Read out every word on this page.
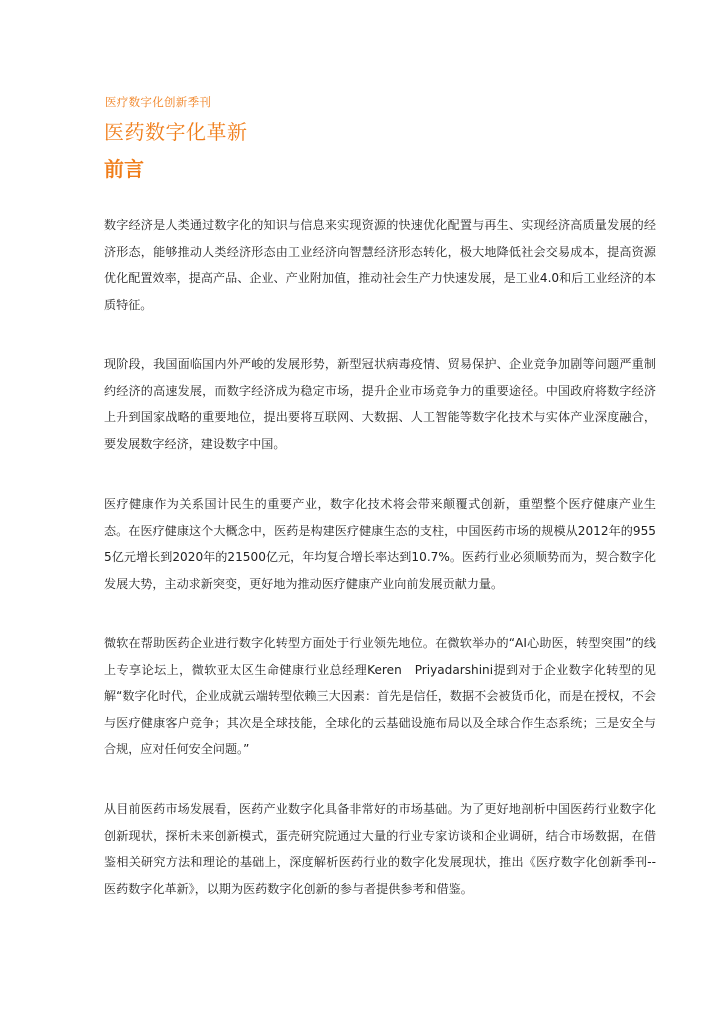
医疗数字化创新季刊
医药数字化革新
前言

数字经济是人类通过数字化的知识与信息来实现资源的快速优化配置与再生、实现经济高质量发展的经济形态，能够推动人类经济形态由工业经济向智慧经济形态转化，极大地降低社会交易成本，提高资源优化配置效率，提高产品、企业、产业附加值，推动社会生产力快速发展，是工业4.0和后工业经济的本质特征。

现阶段，我国面临国内外严峻的发展形势，新型冠状病毒疫情、贸易保护、企业竞争加剧等问题严重制约经济的高速发展，而数字经济成为稳定市场，提升企业市场竞争力的重要途径。中国政府将数字经济上升到国家战略的重要地位，提出要将互联网、大数据、人工智能等数字化技术与实体产业深度融合，要发展数字经济，建设数字中国。

医疗健康作为关系国计民生的重要产业，数字化技术将会带来颠覆式创新，重塑整个医疗健康产业生态。在医疗健康这个大概念中，医药是构建医疗健康生态的支柱，中国医药市场的规模从2012年的9555亿元增长到2020年的21500亿元，年均复合增长率达到10.7%。医药行业必须顺势而为，契合数字化发展大势，主动求新突变，更好地为推动医疗健康产业向前发展贡献力量。

微软在帮助医药企业进行数字化转型方面处于行业领先地位。在微软举办的“AI心助医，转型突围”的线上专享论坛上，微软亚太区生命健康行业总经理Keren　Priyadarshini提到对于企业数字化转型的见解“数字化时代，企业成就云端转型依赖三大因素：首先是信任，数据不会被货币化，而是在授权，不会与医疗健康客户竞争；其次是全球技能，全球化的云基础设施布局以及全球合作生态系统；三是安全与合规，应对任何安全问题。”

从目前医药市场发展看，医药产业数字化具备非常好的市场基础。为了更好地剖析中国医药行业数字化创新现状，探析未来创新模式，蛋壳研究院通过大量的行业专家访谈和企业调研，结合市场数据，在借鉴相关研究方法和理论的基础上，深度解析医药行业的数字化发展现状，推出《医疗数字化创新季刊--医药数字化革新》，以期为医药数字化创新的参与者提供参考和借鉴。
